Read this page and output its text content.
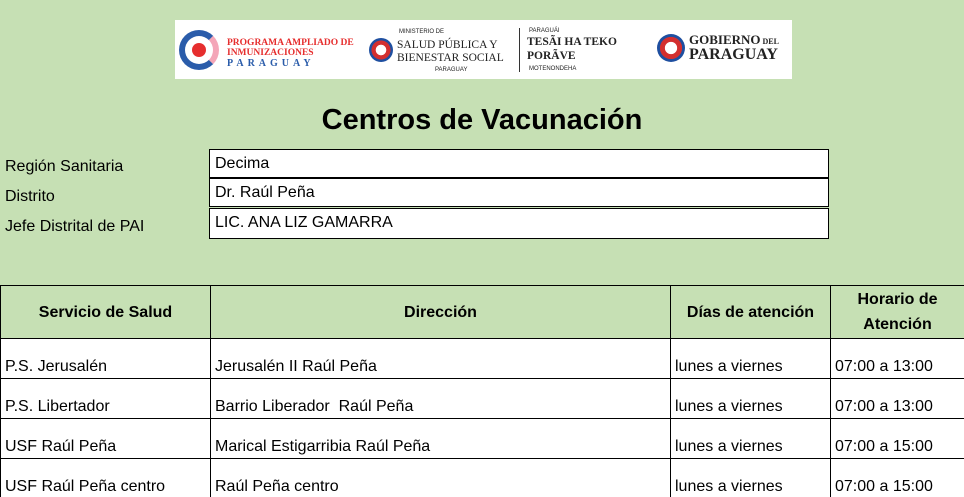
PROGRAMA AMPLIADO DE
INMUNIZACIONES
PARAGUAY
MINISTERIO DE
SALUD PÚBLICA Y
BIENESTAR SOCIAL
PARAGUAY
PARAGUÁI
TESÃI HA TEKO
PORÃVE
MOTENONDEHA
GOBIERNO DEL
PARAGUAY
Centros de Vacunación
Región Sanitaria	Decima
Distrito	Dr. Raúl Peña
Jefe Distrital de PAI	LIC. ANA LIZ GAMARRA
Servicio de Salud	Dirección	Días de atención	Horario de Atención
P.S. Jerusalén	Jerusalén II Raúl Peña	lunes a viernes	07:00 a 13:00
P.S. Libertador	Barrio Liberador  Raúl Peña	lunes a viernes	07:00 a 13:00
USF Raúl Peña	Marical Estigarribia Raúl Peña	lunes a viernes	07:00 a 15:00
USF Raúl Peña centro	Raúl Peña centro	lunes a viernes	07:00 a 15:00
